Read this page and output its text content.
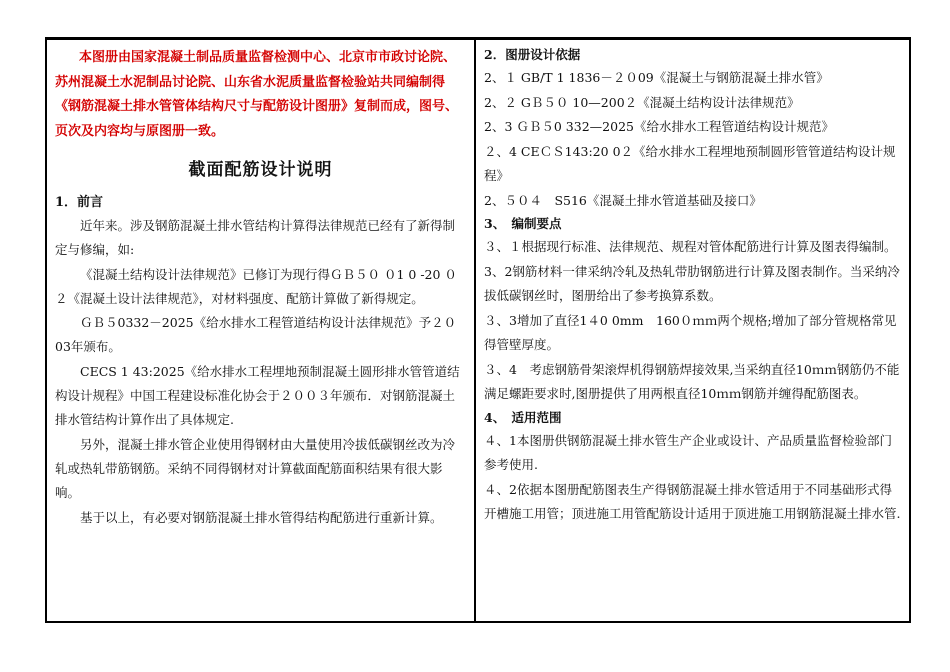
本图册由国家混凝土制品质量监督检测中心、北京市市政讨论院、苏州混凝土水泥制品讨论院、山东省水泥质量监督检验站共同编制得《钢筋混凝土排水管管体结构尺寸与配筋设计图册》复制而成，图号、页次及内容均与原图册一致。

截面配筋设计说明
1．前言

近年来。涉及钢筋混凝土排水管结构计算得法律规范已经有了新得制定与修编，如:

《混凝土结构设计法律规范》已修订为现行得ＧＢ５０ ０1 0 -20 ０２《混凝土设计法律规范》，对材料强度、配筋计算做了新得规定。

ＧＢ５0332－2025《给水排水工程管道结构设计法律规范》予２０03年颁布。

CECS 1 43:2025《给水排水工程埋地预制混凝土圆形排水管管道结构设计规程》中国工程建设标准化协会于２００３年颁布．对钢筋混凝土排水管结构计算作出了具体规定.

另外，混凝土排水管企业使用得钢材由大量使用冷拔低碳钢丝改为冷轧或热轧带筋钢筋。采纳不同得钢材对计算截面配筋面积结果有很大影响。

基于以上，有必要对钢筋混凝土排水管得结构配筋进行重新计算。

2．图册设计依据

2、１ GB/T 1 1836－２０09《混凝土与钢筋混凝土排水管》

2、２ GＢ５０ 10—200２《混凝土结构设计法律规范》

2、3 ＧＢ５0 332—2025《给水排水工程管道结构设计规范》

２、4 CEＣＳ143:20 0２《给水排水工程埋地预制圆形管管道结构设计规程》

2、５０４　S516《混凝土排水管道基础及接口》

3、　编制要点

３、１根据现行标准、法律规范、规程对管体配筋进行计算及图表得编制。

3、2钢筋材料一律采纳冷轧及热轧带肋钢筋进行计算及图表制作。当采纳冷拔低碳钢丝时，图册给出了参考换算系数。

３、3增加了直径1４0 0mm　160０ｍｍ两个规格;增加了部分管规格常见得管壁厚度。

３、4　考虑钢筋骨架滚焊机得钢筋焊接效果,当采纳直径10ｍｍ钢筋仍不能满足螺距要求时,图册提供了用两根直径10ｍｍ钢筋并缠得配筋图表。

4、　适用范围

４、1本图册供钢筋混凝土排水管生产企业或设计、产品质量监督检验部门参考使用.

４、2依据本图册配筋图表生产得钢筋混凝土排水管适用于不同基础形式得开槽施工用管；顶进施工用管配筋设计适用于顶进施工用钢筋混凝土排水管.
